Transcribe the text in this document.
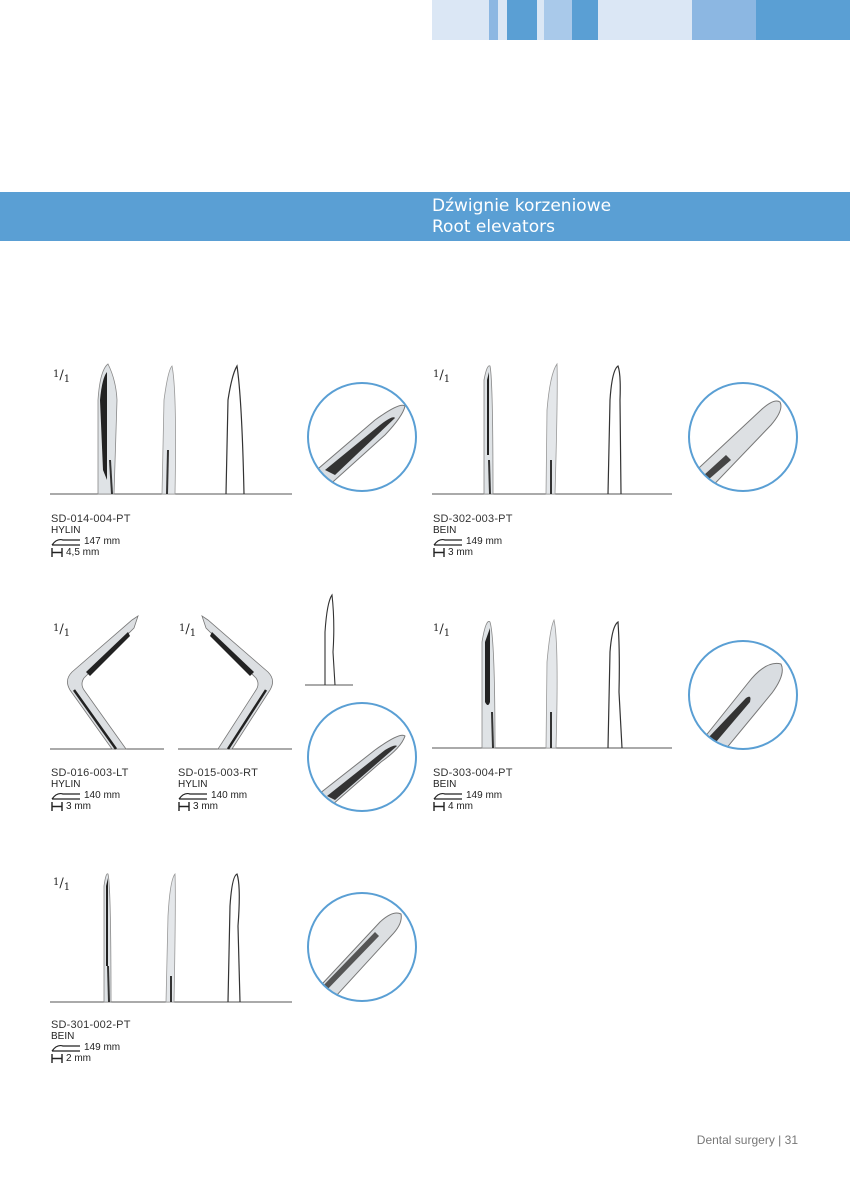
Dźwignie korzeniowe
Root elevators
$^1/_1$
SD-014-004-PT
HYLIN
147 mm
4,5 mm
$^1/_1$
SD-302-003-PT
BEIN
149 mm
3 mm
$^1/_1$
SD-016-003-LT
HYLIN
140 mm
3 mm
$^1/_1$
SD-015-003-RT
HYLIN
140 mm
3 mm
$^1/_1$
SD-303-004-PT
BEIN
149 mm
4 mm
$^1/_1$
SD-301-002-PT
BEIN
149 mm
2 mm
Dental surgery | 31
